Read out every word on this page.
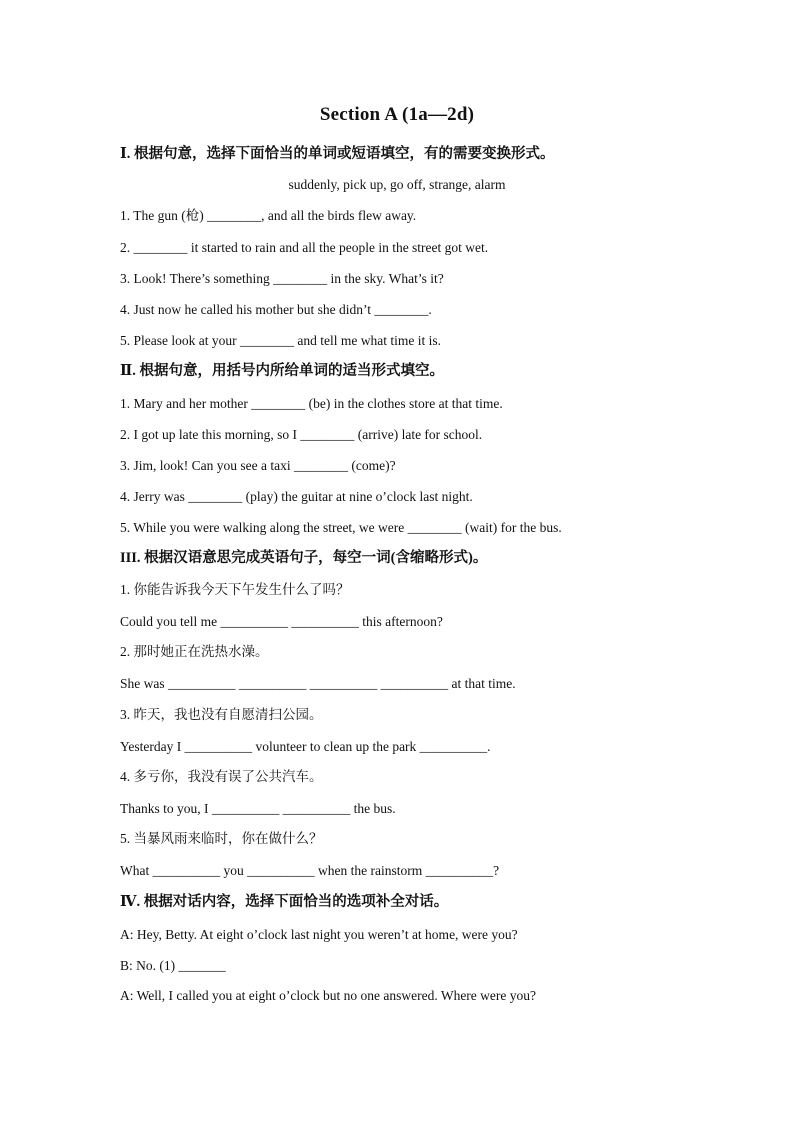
Section A (1a—2d)
Ⅰ. 根据句意，选择下面恰当的单词或短语填空，有的需要变换形式。
suddenly, pick up, go off, strange, alarm
1. The gun (枪) ________, and all the birds flew away.
2. ________ it started to rain and all the people in the street got wet.
3. Look! There’s something ________ in the sky. What’s it?
4. Just now he called his mother but she didn’t ________.
5. Please look at your ________ and tell me what time it is.
Ⅱ. 根据句意，用括号内所给单词的适当形式填空。
1. Mary and her mother ________ (be) in the clothes store at that time.
2. I got up late this morning, so I ________ (arrive) late for school.
3. Jim, look! Can you see a taxi ________ (come)?
4. Jerry was ________ (play) the guitar at nine o’clock last night.
5. While you were walking along the street, we were ________ (wait) for the bus.
III. 根据汉语意思完成英语句子，每空一词(含缩略形式)。
1. 你能告诉我今天下午发生什么了吗？
Could you tell me __________ __________ this afternoon?
2. 那时她正在洗热水澡。
She was __________ __________ __________ __________ at that time.
3. 昨天，我也没有自愿清扫公园。
Yesterday I __________ volunteer to clean up the park __________.
4. 多亏你，我没有误了公共汽车。
Thanks to you, I __________ __________ the bus.
5. 当暴风雨来临时，你在做什么？
What __________ you __________ when the rainstorm __________?
Ⅳ. 根据对话内容，选择下面恰当的选项补全对话。
A: Hey, Betty. At eight o’clock last night you weren’t at home, were you?
B: No. (1) _______
A: Well, I called you at eight o’clock but no one answered. Where were you?
